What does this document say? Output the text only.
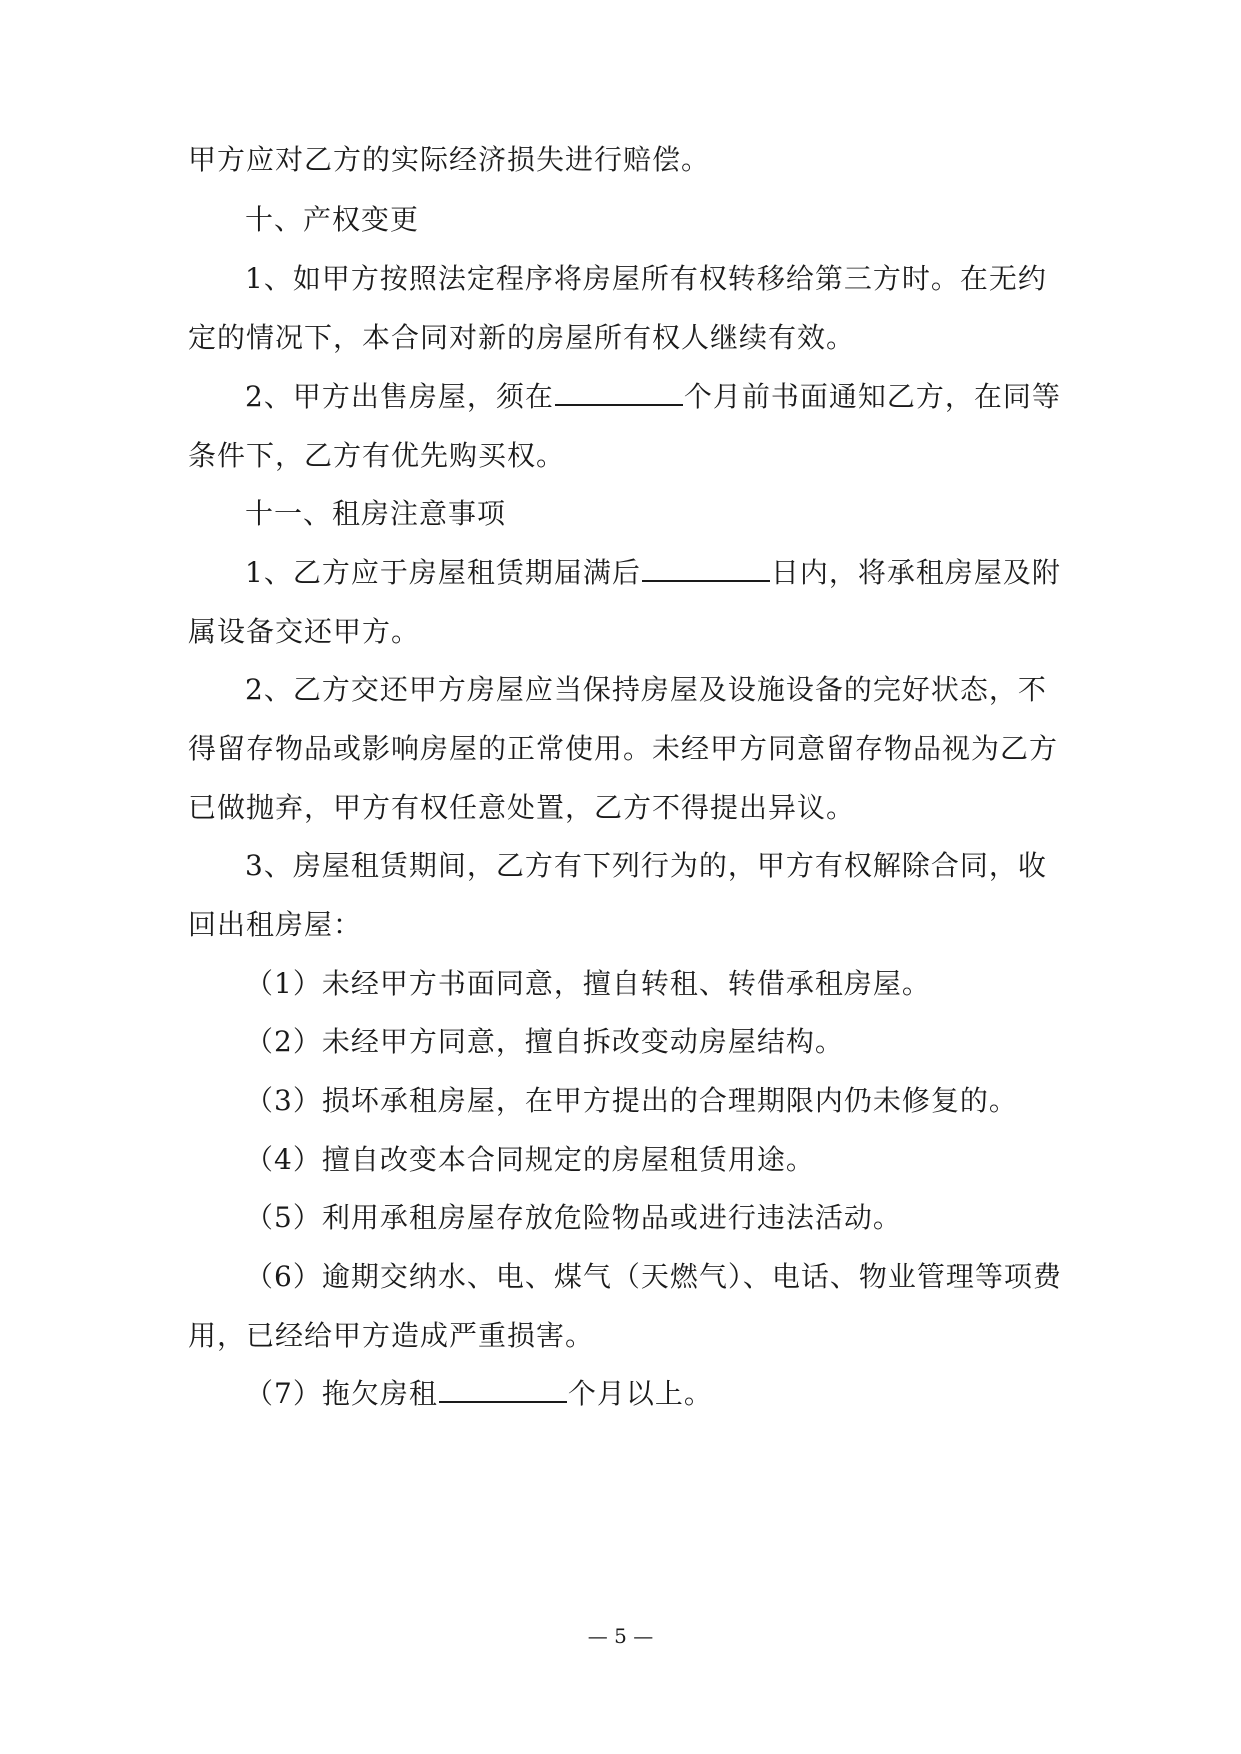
甲方应对乙方的实际经济损失进行赔偿。
十、产权变更
1、如甲方按照法定程序将房屋所有权转移给第三方时。在无约
定的情况下，本合同对新的房屋所有权人继续有效。
2、甲方出售房屋，须在	个月前书面通知乙方，在同等
条件下，乙方有优先购买权。
十一、租房注意事项
1、乙方应于房屋租赁期届满后	日内，将承租房屋及附
属设备交还甲方。
2、乙方交还甲方房屋应当保持房屋及设施设备的完好状态，不
得留存物品或影响房屋的正常使用。未经甲方同意留存物品视为乙方
已做抛弃，甲方有权任意处置，乙方不得提出异议。
3、房屋租赁期间，乙方有下列行为的，甲方有权解除合同，收
回出租房屋：
（1）未经甲方书面同意，擅自转租、转借承租房屋。
（2）未经甲方同意，擅自拆改变动房屋结构。
（3）损坏承租房屋，在甲方提出的合理期限内仍未修复的。
（4）擅自改变本合同规定的房屋租赁用途。
（5）利用承租房屋存放危险物品或进行违法活动。
（6）逾期交纳水、电、煤气（天燃气）、电话、物业管理等项费
用，已经给甲方造成严重损害。
（7）拖欠房租	个月以上。
— 5 —
